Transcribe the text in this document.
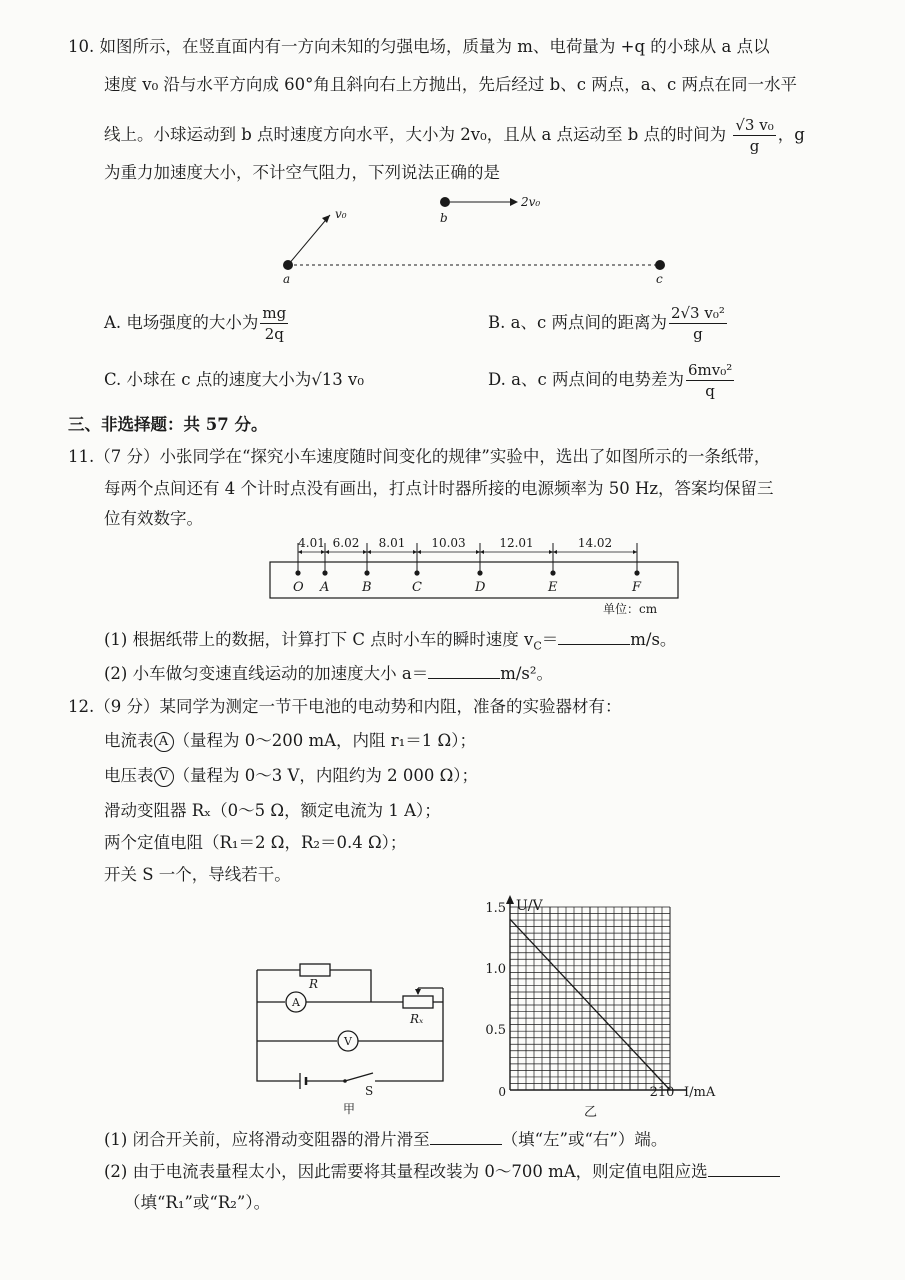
10. 如图所示，在竖直面内有一方向未知的匀强电场，质量为 m、电荷量为 +q 的小球从 a 点以
速度 v₀ 沿与水平方向成 60°角且斜向右上方抛出，先后经过 b、c 两点，a、c 两点在同一水平
线上。小球运动到 b 点时速度方向水平，大小为 2v₀，且从 a 点运动至 b 点的时间为 $\frac{\text{√3 v₀}}{g}$ ，g
为重力加速度大小，不计空气阻力，下列说法正确的是
v₀
2v₀
a
b
c
A. 电场强度的大小为 $\frac{mg}{2q}$	B. a、c 两点间的距离为 $\frac{\text{2√3 v₀²}}{g}$
C. 小球在 c 点的速度大小为√13 v₀	D. a、c 两点间的电势差为 $\frac{\text{6mv₀²}}{q}$
三、非选择题：共 57 分。
11.（7 分）小张同学在“探究小车速度随时间变化的规律”实验中，选出了如图所示的一条纸带，
每两个点间还有 4 个计时点没有画出，打点计时器所接的电源频率为 50 Hz，答案均保留三
位有效数字。
O A	B	C	D	E	F
4.01 6.02 8.01 10.03	12.01	14.02
单位：cm
(1) 根据纸带上的数据，计算打下 C 点时小车的瞬时速度 $v_C=$	m/s。
(2) 小车做匀变速直线运动的加速度大小 a＝	m/s²。
12.（9 分）某同学为测定一节干电池的电动势和内阻，准备的实验器材有：
电流表 A （量程为 0～200 mA，内阻 r₁＝1 Ω）；
电压表 V （量程为 0～3 V，内阻约为 2 000 Ω）；
滑动变阻器 Rₓ（0～5 Ω，额定电流为 1 A）；
两个定值电阻（R₁＝2 Ω，R₂＝0.4 Ω）；
开关 S 一个，导线若干。
R
A
Rₓ
V
S
甲
U/V
I/mA
0	210
0.5
1.0
1.5
乙
(1) 闭合开关前，应将滑动变阻器的滑片滑至	（填“左”或“右”）端。
(2) 由于电流表量程太小，因此需要将其量程改装为 0～700 mA，则定值电阻应选
（填“R₁”或“R₂”）。
